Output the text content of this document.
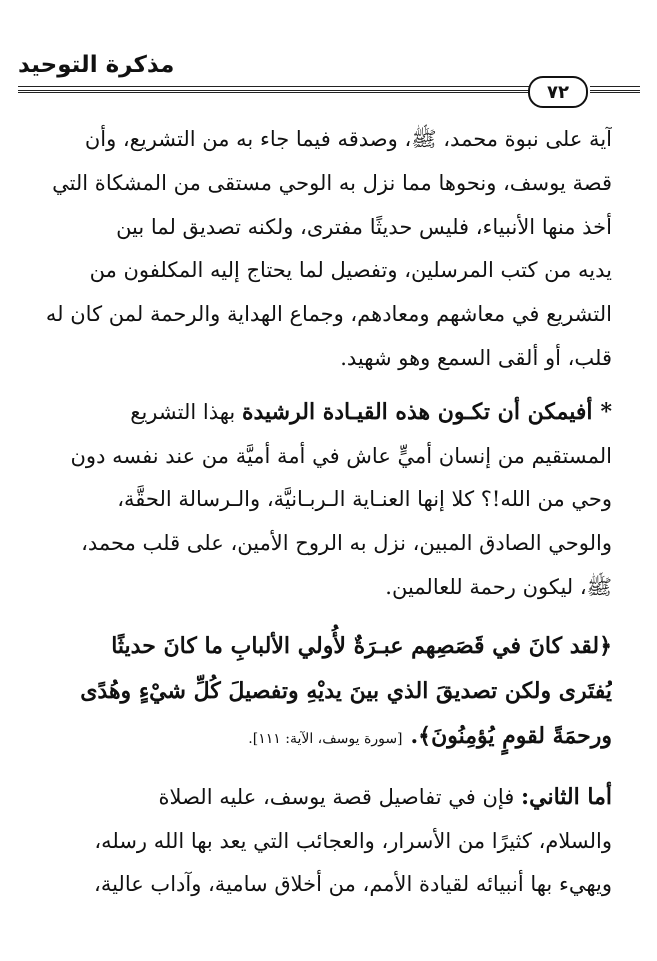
مذكرة التوحيد
٧٢
آية على نبوة محمد، ﷺ، وصدقه فيما جاء به من التشريع، وأن
قصة يوسف، ونحوها مما نزل به الوحي مستقى من المشكاة التي
أخذ منها الأنبياء، فليس حديثًا مفترى، ولكنه تصديق لما بين
يديه من كتب المرسلين، وتفصيل لما يحتاج إليه المكلفون من
التشريع في معاشهم ومعادهم، وجماع الهداية والرحمة لمن كان له
قلب، أو ألقى السمع وهو شهيد.
*أفيمكن أن تكـون هذه القيـادة الرشيدة بهذا التشريع
المستقيم من إنسان أميٍّ عاش في أمة أميَّة من عند نفسه دون
وحي من الله!؟ كلا إنها العنـاية الـربـانيَّة، والـرسالة الحقَّة،
والوحي الصادق المبين، نزل به الروح الأمين، على قلب محمد،
ﷺ، ليكون رحمة للعالمين.
﴿لقد كانَ في قَصَصِهم عبـرَةٌ لأُولي الألبابِ ما كانَ حديثًا
يُفتَرى ولكن تصديقَ الذي بينَ يديْهِ وتفصيلَ كُلِّ شيْءٍ وهُدًى
ورحمَةً لقومٍ يُؤمِنُونَ﴾.[سورة يوسف، الآية: ١١١].
أما الثاني: فإن في تفاصيل قصة يوسف، عليه الصلاة
والسلام، كثيرًا من الأسرار، والعجائب التي يعد بها الله رسله،
ويهيء بها أنبيائه لقيادة الأمم، من أخلاق سامية، وآداب عالية،
